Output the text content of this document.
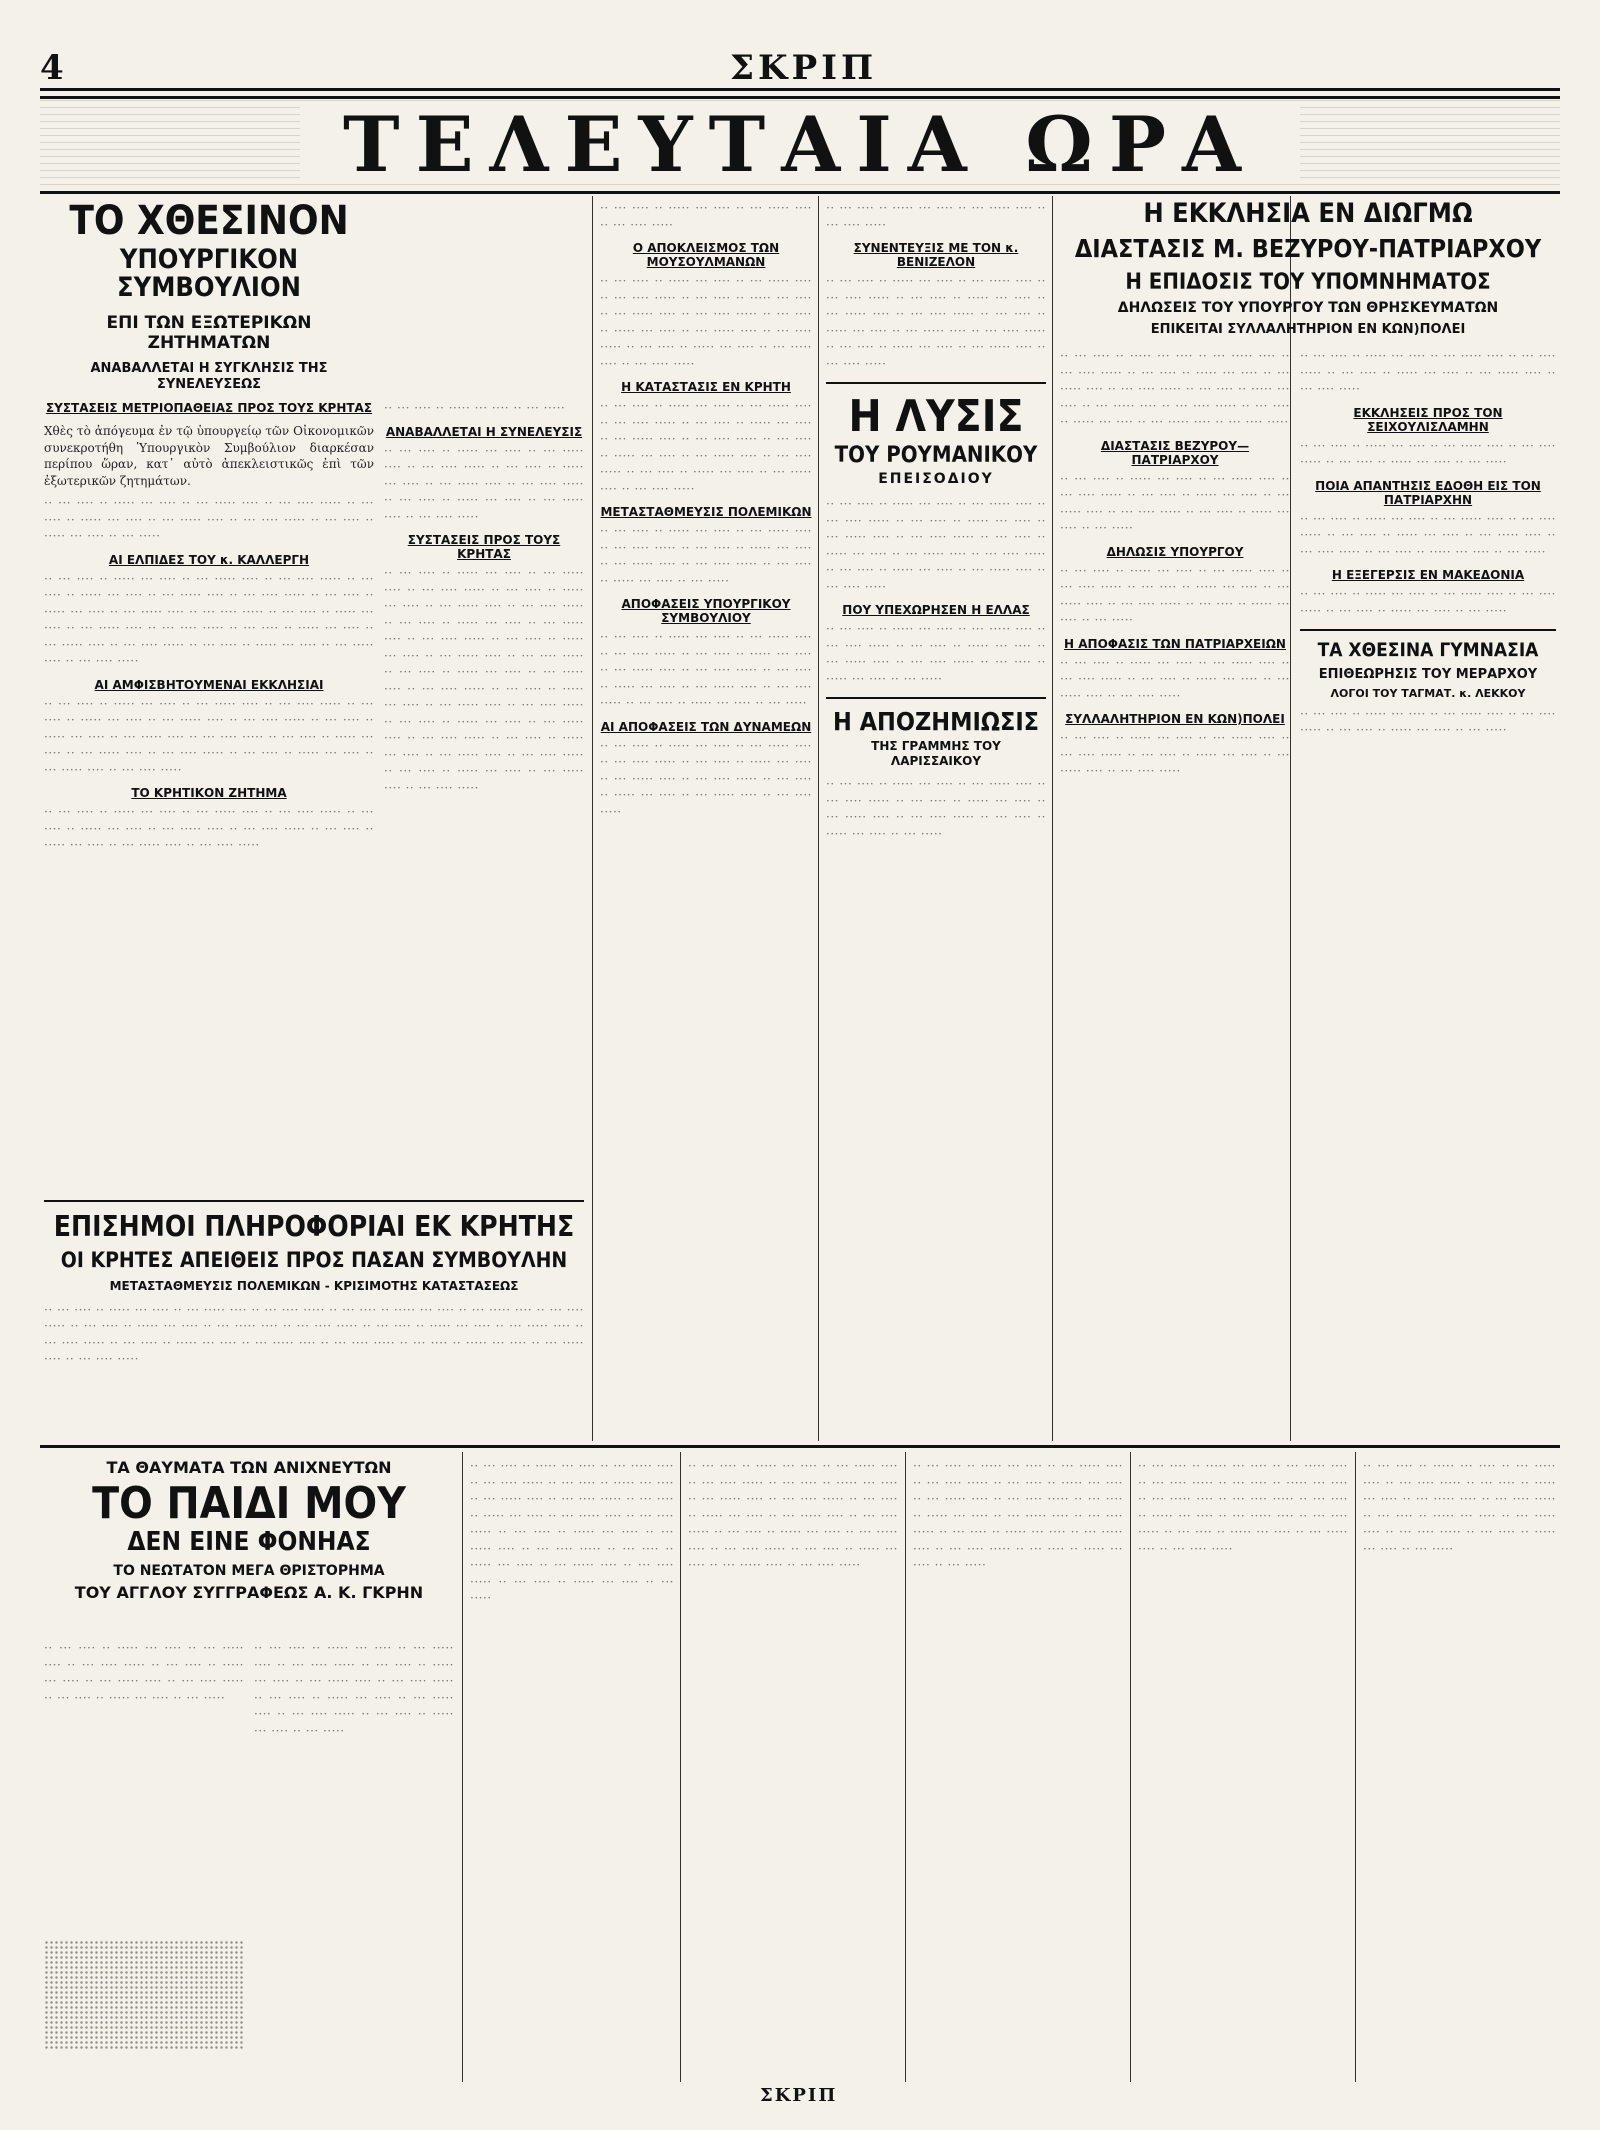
4	ΣΚΡΙΠ
ΤΕΛΕΥΤΑΙΑ ΩΡΑ
ΤΟ ΧΘΕΣΙΝΟΝ
ΥΠΟΥΡΓΙΚΟΝ ΣΥΜΒΟΥΛΙΟΝ
ΕΠΙ ΤΩΝ ΕΞΩΤΕΡΙΚΩΝ ΖΗΤΗΜΑΤΩΝ
ΑΝΑΒΑΛΛΕΤΑΙ Η ΣΥΓΚΛΗΣΙΣ ΤΗΣ ΣΥΝΕΛΕΥΣΕΩΣ
ΣΥΣΤΑΣΕΙΣ ΜΕΤΡΙΟΠΑΘΕΙΑΣ ΠΡΟΣ ΤΟΥΣ ΚΡΗΤΑΣ

Χθὲς τὸ ἀπόγευμα ἐν τῷ ὑπουργείῳ τῶν Οἰκονομικῶν συνεκροτήθη Ὑπουργικὸν Συμβούλιον διαρκέσαν περίπου ὥραν, κατ᾽ αὐτὸ ἀπεκλειστικῶς ἐπὶ τῶν ἐξωτερικῶν ζητημάτων.

·· ··· ···· ·· ····· ··· ···· ·· ··· ····· ···· ·· ··· ···· ····· ·· ··· ···· ·· ····· ··· ···· ·· ··· ····· ···· ·· ··· ···· ····· ·· ··· ···· ·· ····· ··· ···· ·· ··· ·····

ΑΙ ΕΛΠΙΔΕΣ ΤΟΥ κ. ΚΑΛΛΕΡΓΗ

·· ··· ···· ·· ····· ··· ···· ·· ··· ····· ···· ·· ··· ···· ····· ·· ··· ···· ·· ····· ··· ···· ·· ··· ····· ···· ·· ··· ···· ····· ·· ··· ···· ·· ····· ··· ···· ·· ··· ····· ···· ·· ··· ···· ····· ·· ··· ···· ·· ····· ··· ···· ·· ··· ····· ···· ·· ··· ···· ····· ·· ··· ···· ·· ····· ··· ···· ·· ··· ····· ···· ·· ··· ···· ····· ·· ··· ···· ·· ····· ··· ···· ·· ··· ····· ···· ·· ··· ···· ·····

ΑΙ ΑΜΦΙΣΒΗΤΟΥΜΕΝΑΙ ΕΚΚΛΗΣΙΑΙ

·· ··· ···· ·· ····· ··· ···· ·· ··· ····· ···· ·· ··· ···· ····· ·· ··· ···· ·· ····· ··· ···· ·· ··· ····· ···· ·· ··· ···· ····· ·· ··· ···· ·· ····· ··· ···· ·· ··· ····· ···· ·· ··· ···· ····· ·· ··· ···· ·· ····· ··· ···· ·· ··· ····· ···· ·· ··· ···· ····· ·· ··· ···· ·· ····· ··· ···· ·· ··· ····· ···· ·· ··· ···· ·····

ΤΟ ΚΡΗΤΙΚΟΝ ΖΗΤΗΜΑ

·· ··· ···· ·· ····· ··· ···· ·· ··· ····· ···· ·· ··· ···· ····· ·· ··· ···· ·· ····· ··· ···· ·· ··· ····· ···· ·· ··· ···· ····· ·· ··· ···· ·· ····· ··· ···· ·· ··· ····· ···· ·· ··· ···· ·····

·· ··· ···· ·· ····· ··· ···· ·· ··· ·····

ΑΝΑΒΑΛΛΕΤΑΙ Η ΣΥΝΕΛΕΥΣΙΣ

·· ··· ···· ·· ····· ··· ···· ·· ··· ····· ···· ·· ··· ···· ····· ·· ··· ···· ·· ····· ··· ···· ·· ··· ····· ···· ·· ··· ···· ····· ·· ··· ···· ·· ····· ··· ···· ·· ··· ····· ···· ·· ··· ···· ·····

ΣΥΣΤΑΣΕΙΣ ΠΡΟΣ ΤΟΥΣ ΚΡΗΤΑΣ

·· ··· ···· ·· ····· ··· ···· ·· ··· ····· ···· ·· ··· ···· ····· ·· ··· ···· ·· ····· ··· ···· ·· ··· ····· ···· ·· ··· ···· ····· ·· ··· ···· ·· ····· ··· ···· ·· ··· ····· ···· ·· ··· ···· ····· ·· ··· ···· ·· ····· ··· ···· ·· ··· ····· ···· ·· ··· ···· ····· ·· ··· ···· ·· ····· ··· ···· ·· ··· ····· ···· ·· ··· ···· ····· ·· ··· ···· ·· ····· ··· ···· ·· ··· ····· ···· ·· ··· ···· ····· ·· ··· ···· ·· ····· ··· ···· ·· ··· ····· ···· ·· ··· ···· ····· ·· ··· ···· ·· ····· ··· ···· ·· ··· ····· ···· ·· ··· ···· ····· ·· ··· ···· ·· ····· ··· ···· ·· ··· ····· ···· ·· ··· ···· ·····

ΕΠΙΣΗΜΟΙ ΠΛΗΡΟΦΟΡΙΑΙ ΕΚ ΚΡΗΤΗΣ
ΟΙ ΚΡΗΤΕΣ ΑΠΕΙΘΕΙΣ ΠΡΟΣ ΠΑΣΑΝ ΣΥΜΒΟΥΛΗΝ
ΜΕΤΑΣΤΑΘΜΕΥΣΙΣ ΠΟΛΕΜΙΚΩΝ - ΚΡΙΣΙΜΟΤΗΣ ΚΑΤΑΣΤΑΣΕΩΣ

·· ··· ···· ·· ····· ··· ···· ·· ··· ····· ···· ·· ··· ···· ····· ·· ··· ···· ·· ····· ··· ···· ·· ··· ····· ···· ·· ··· ···· ····· ·· ··· ···· ·· ····· ··· ···· ·· ··· ····· ···· ·· ··· ···· ····· ·· ··· ···· ·· ····· ··· ···· ·· ··· ····· ···· ·· ··· ···· ····· ·· ··· ···· ·· ····· ··· ···· ·· ··· ····· ···· ·· ··· ···· ····· ·· ··· ···· ·· ····· ··· ···· ·· ··· ····· ···· ·· ··· ···· ·····

·· ··· ···· ·· ····· ··· ···· ·· ··· ····· ···· ·· ··· ···· ·····

Ο ΑΠΟΚΛΕΙΣΜΟΣ ΤΩΝ ΜΟΥΣΟΥΛΜΑΝΩΝ

·· ··· ···· ·· ····· ··· ···· ·· ··· ····· ···· ·· ··· ···· ····· ·· ··· ···· ·· ····· ··· ···· ·· ··· ····· ···· ·· ··· ···· ····· ·· ··· ···· ·· ····· ··· ···· ·· ··· ····· ···· ·· ··· ···· ····· ·· ··· ···· ·· ····· ··· ···· ·· ··· ····· ···· ·· ··· ···· ·····

Η ΚΑΤΑΣΤΑΣΙΣ ΕΝ ΚΡΗΤΗ

·· ··· ···· ·· ····· ··· ···· ·· ··· ····· ···· ·· ··· ···· ····· ·· ··· ···· ·· ····· ··· ···· ·· ··· ····· ···· ·· ··· ···· ····· ·· ··· ···· ·· ····· ··· ···· ·· ··· ····· ···· ·· ··· ···· ····· ·· ··· ···· ·· ····· ··· ···· ·· ··· ····· ···· ·· ··· ···· ·····

ΜΕΤΑΣΤΑΘΜΕΥΣΙΣ ΠΟΛΕΜΙΚΩΝ

·· ··· ···· ·· ····· ··· ···· ·· ··· ····· ···· ·· ··· ···· ····· ·· ··· ···· ·· ····· ··· ···· ·· ··· ····· ···· ·· ··· ···· ····· ·· ··· ···· ·· ····· ··· ···· ·· ··· ·····

ΑΠΟΦΑΣΕΙΣ ΥΠΟΥΡΓΙΚΟΥ ΣΥΜΒΟΥΛΙΟΥ

·· ··· ···· ·· ····· ··· ···· ·· ··· ····· ···· ·· ··· ···· ····· ·· ··· ···· ·· ····· ··· ···· ·· ··· ····· ···· ·· ··· ···· ····· ·· ··· ···· ·· ····· ··· ···· ·· ··· ····· ···· ·· ··· ···· ····· ·· ··· ···· ·· ····· ··· ···· ·· ··· ·····

ΑΙ ΑΠΟΦΑΣΕΙΣ ΤΩΝ ΔΥΝΑΜΕΩΝ

·· ··· ···· ·· ····· ··· ···· ·· ··· ····· ···· ·· ··· ···· ····· ·· ··· ···· ·· ····· ··· ···· ·· ··· ····· ···· ·· ··· ···· ····· ·· ··· ···· ·· ····· ··· ···· ·· ··· ····· ···· ·· ··· ···· ·····

·· ··· ···· ·· ····· ··· ···· ·· ··· ····· ···· ·· ··· ···· ·····

ΣΥΝΕΝΤΕΥΞΙΣ ΜΕ ΤΟΝ κ. ΒΕΝΙΖΕΛΟΝ

·· ··· ···· ·· ····· ··· ···· ·· ··· ····· ···· ·· ··· ···· ····· ·· ··· ···· ·· ····· ··· ···· ·· ··· ····· ···· ·· ··· ···· ····· ·· ··· ···· ·· ····· ··· ···· ·· ··· ····· ···· ·· ··· ···· ····· ·· ··· ···· ·· ····· ··· ···· ·· ··· ····· ···· ·· ··· ···· ·····

Η ΛΥΣΙΣ
ΤΟΥ ΡΟΥΜΑΝΙΚΟΥ
ΕΠΕΙΣΟΔΙΟΥ

·· ··· ···· ·· ····· ··· ···· ·· ··· ····· ···· ·· ··· ···· ····· ·· ··· ···· ·· ····· ··· ···· ·· ··· ····· ···· ·· ··· ···· ····· ·· ··· ···· ·· ····· ··· ···· ·· ··· ····· ···· ·· ··· ···· ····· ·· ··· ···· ·· ····· ··· ···· ·· ··· ····· ···· ·· ··· ···· ·····

ΠΟΥ ΥΠΕΧΩΡΗΣΕΝ Η ΕΛΛΑΣ

·· ··· ···· ·· ····· ··· ···· ·· ··· ····· ···· ·· ··· ···· ····· ·· ··· ···· ·· ····· ··· ···· ·· ··· ····· ···· ·· ··· ···· ····· ·· ··· ···· ·· ····· ··· ···· ·· ··· ·····

Η ΑΠΟΖΗΜΙΩΣΙΣ
ΤΗΣ ΓΡΑΜΜΗΣ ΤΟΥ ΛΑΡΙΣΣΑΙΚΟΥ

·· ··· ···· ·· ····· ··· ···· ·· ··· ····· ···· ·· ··· ···· ····· ·· ··· ···· ·· ····· ··· ···· ·· ··· ····· ···· ·· ··· ···· ····· ·· ··· ···· ·· ····· ··· ···· ·· ··· ·····

Η ΕΚΚΛΗΣΙΑ ΕΝ ΔΙΩΓΜΩ
ΔΙΑΣΤΑΣΙΣ Μ. ΒΕΖΥΡΟΥ-ΠΑΤΡΙΑΡΧΟΥ
Η ΕΠΙΔΟΣΙΣ ΤΟΥ ΥΠΟΜΝΗΜΑΤΟΣ
ΔΗΛΩΣΕΙΣ ΤΟΥ ΥΠΟΥΡΓΟΥ ΤΩΝ ΘΡΗΣΚΕΥΜΑΤΩΝ
ΕΠΙΚΕΙΤΑΙ ΣΥΛΛΑΛΗΤΗΡΙΟΝ ΕΝ ΚΩΝ)ΠΟΛΕΙ

·· ··· ···· ·· ····· ··· ···· ·· ··· ····· ···· ·· ··· ···· ····· ·· ··· ···· ·· ····· ··· ···· ·· ··· ····· ···· ·· ··· ···· ····· ·· ··· ···· ·· ····· ··· ···· ·· ··· ····· ···· ·· ··· ···· ····· ·· ··· ···· ·· ····· ··· ···· ·· ··· ····· ···· ·· ··· ···· ·····

ΔΙΑΣΤΑΣΙΣ ΒΕΖΥΡΟΥ—ΠΑΤΡΙΑΡΧΟΥ

·· ··· ···· ·· ····· ··· ···· ·· ··· ····· ···· ·· ··· ···· ····· ·· ··· ···· ·· ····· ··· ···· ·· ··· ····· ···· ·· ··· ···· ····· ·· ··· ···· ·· ····· ··· ···· ·· ··· ·····

ΔΗΛΩΣΙΣ ΥΠΟΥΡΓΟΥ

·· ··· ···· ·· ····· ··· ···· ·· ··· ····· ···· ·· ··· ···· ····· ·· ··· ···· ·· ····· ··· ···· ·· ··· ····· ···· ·· ··· ···· ····· ·· ··· ···· ·· ····· ··· ···· ·· ··· ·····

Η ΑΠΟΦΑΣΙΣ ΤΩΝ ΠΑΤΡΙΑΡΧΕΙΩΝ

·· ··· ···· ·· ····· ··· ···· ·· ··· ····· ···· ·· ··· ···· ····· ·· ··· ···· ·· ····· ··· ···· ·· ··· ····· ···· ·· ··· ···· ·····

ΣΥΛΛΑΛΗΤΗΡΙΟΝ ΕΝ ΚΩΝ)ΠΟΛΕΙ

·· ··· ···· ·· ····· ··· ···· ·· ··· ····· ···· ·· ··· ···· ····· ·· ··· ···· ·· ····· ··· ···· ·· ··· ····· ···· ·· ··· ···· ·····

·· ··· ···· ·· ····· ··· ···· ·· ··· ····· ···· ·· ··· ···· ····· ·· ··· ···· ·· ····· ··· ···· ·· ··· ····· ···· ·· ··· ···· ·····

ΕΚΚΛΗΣΕΙΣ ΠΡΟΣ ΤΟΝ ΣΕΙΧΟΥΛΙΣΛΑΜΗΝ

·· ··· ···· ·· ····· ··· ···· ·· ··· ····· ···· ·· ··· ···· ····· ·· ··· ···· ·· ····· ··· ···· ·· ··· ·····

ΠΟΙΑ ΑΠΑΝΤΗΣΙΣ ΕΔΟΘΗ ΕΙΣ ΤΟΝ ΠΑΤΡΙΑΡΧΗΝ

·· ··· ···· ·· ····· ··· ···· ·· ··· ····· ···· ·· ··· ···· ····· ·· ··· ···· ·· ····· ··· ···· ·· ··· ····· ···· ·· ··· ···· ····· ·· ··· ···· ·· ····· ··· ···· ·· ··· ·····

Η ΕΞΕΓΕΡΣΙΣ ΕΝ ΜΑΚΕΔΟΝΙΑ

·· ··· ···· ·· ····· ··· ···· ·· ··· ····· ···· ·· ··· ···· ····· ·· ··· ···· ·· ····· ··· ···· ·· ··· ·····

ΤΑ ΧΘΕΣΙΝΑ ΓΥΜΝΑΣΙΑ
ΕΠΙΘΕΩΡΗΣΙΣ ΤΟΥ ΜΕΡΑΡΧΟΥ
ΛΟΓΟΙ ΤΟΥ ΤΑΓΜΑΤ. κ. ΛΕΚΚΟΥ

·· ··· ···· ·· ····· ··· ···· ·· ··· ····· ···· ·· ··· ···· ····· ·· ··· ···· ·· ····· ··· ···· ·· ··· ·····

ΤΑ ΘΑΥΜΑΤΑ ΤΩΝ ΑΝΙΧΝΕΥΤΩΝ
ΤΟ ΠΑΙΔΙ ΜΟΥ
ΔΕΝ ΕΙΝΕ ΦΟΝΗΑΣ
ΤΟ ΝΕΩΤΑΤΟΝ ΜΕΓΑ ΘΡΙΣΤΟΡΗΜΑ
ΤΟΥ ΑΓΓΛΟΥ ΣΥΓΓΡΑΦΕΩΣ Α. Κ. ΓΚΡΗΝ

·· ··· ···· ·· ····· ··· ···· ·· ··· ····· ···· ·· ··· ···· ····· ·· ··· ···· ·· ····· ··· ···· ·· ··· ····· ···· ·· ··· ···· ····· ·· ··· ···· ·· ····· ··· ···· ·· ··· ·····

·· ··· ···· ·· ····· ··· ···· ·· ··· ····· ···· ·· ··· ···· ····· ·· ··· ···· ·· ····· ··· ···· ·· ··· ····· ···· ·· ··· ···· ····· ·· ··· ···· ·· ····· ··· ···· ·· ··· ····· ···· ·· ··· ···· ····· ·· ··· ···· ·· ····· ··· ···· ·· ··· ·····

·· ··· ···· ·· ····· ··· ···· ·· ··· ····· ···· ·· ··· ···· ····· ·· ··· ···· ·· ····· ··· ···· ·· ··· ····· ···· ·· ··· ···· ····· ·· ··· ···· ·· ····· ··· ···· ·· ··· ····· ···· ·· ··· ···· ····· ·· ··· ···· ·· ····· ··· ···· ·· ··· ····· ···· ·· ··· ···· ····· ·· ··· ···· ·· ····· ··· ···· ·· ··· ····· ···· ·· ··· ···· ····· ·· ··· ···· ·· ····· ··· ···· ·· ··· ·····

·· ··· ···· ·· ····· ··· ···· ·· ··· ····· ···· ·· ··· ···· ····· ·· ··· ···· ·· ····· ··· ···· ·· ··· ····· ···· ·· ··· ···· ····· ·· ··· ···· ·· ····· ··· ···· ·· ··· ····· ···· ·· ··· ···· ····· ·· ··· ···· ·· ····· ··· ···· ·· ··· ····· ···· ·· ··· ···· ····· ·· ··· ···· ·· ····· ··· ···· ·· ··· ····· ···· ·· ··· ···· ·····

·· ··· ···· ·· ····· ··· ···· ·· ··· ····· ···· ·· ··· ···· ····· ·· ··· ···· ·· ····· ··· ···· ·· ··· ····· ···· ·· ··· ···· ····· ·· ··· ···· ·· ····· ··· ···· ·· ··· ····· ···· ·· ··· ···· ····· ·· ··· ···· ·· ····· ··· ···· ·· ··· ····· ···· ·· ··· ···· ····· ·· ··· ···· ·· ····· ··· ···· ·· ··· ·····

·· ··· ···· ·· ····· ··· ···· ·· ··· ····· ···· ·· ··· ···· ····· ·· ··· ···· ·· ····· ··· ···· ·· ··· ····· ···· ·· ··· ···· ····· ·· ··· ···· ·· ····· ··· ···· ·· ··· ····· ···· ·· ··· ···· ····· ·· ··· ···· ·· ····· ··· ···· ·· ··· ····· ···· ·· ··· ···· ·····

·· ··· ···· ·· ····· ··· ···· ·· ··· ····· ···· ·· ··· ···· ····· ·· ··· ···· ·· ····· ··· ···· ·· ··· ····· ···· ·· ··· ···· ····· ·· ··· ···· ·· ····· ··· ···· ·· ··· ····· ···· ·· ··· ···· ····· ·· ··· ···· ·· ····· ··· ···· ·· ··· ·····

ΣΚΡΙΠ
